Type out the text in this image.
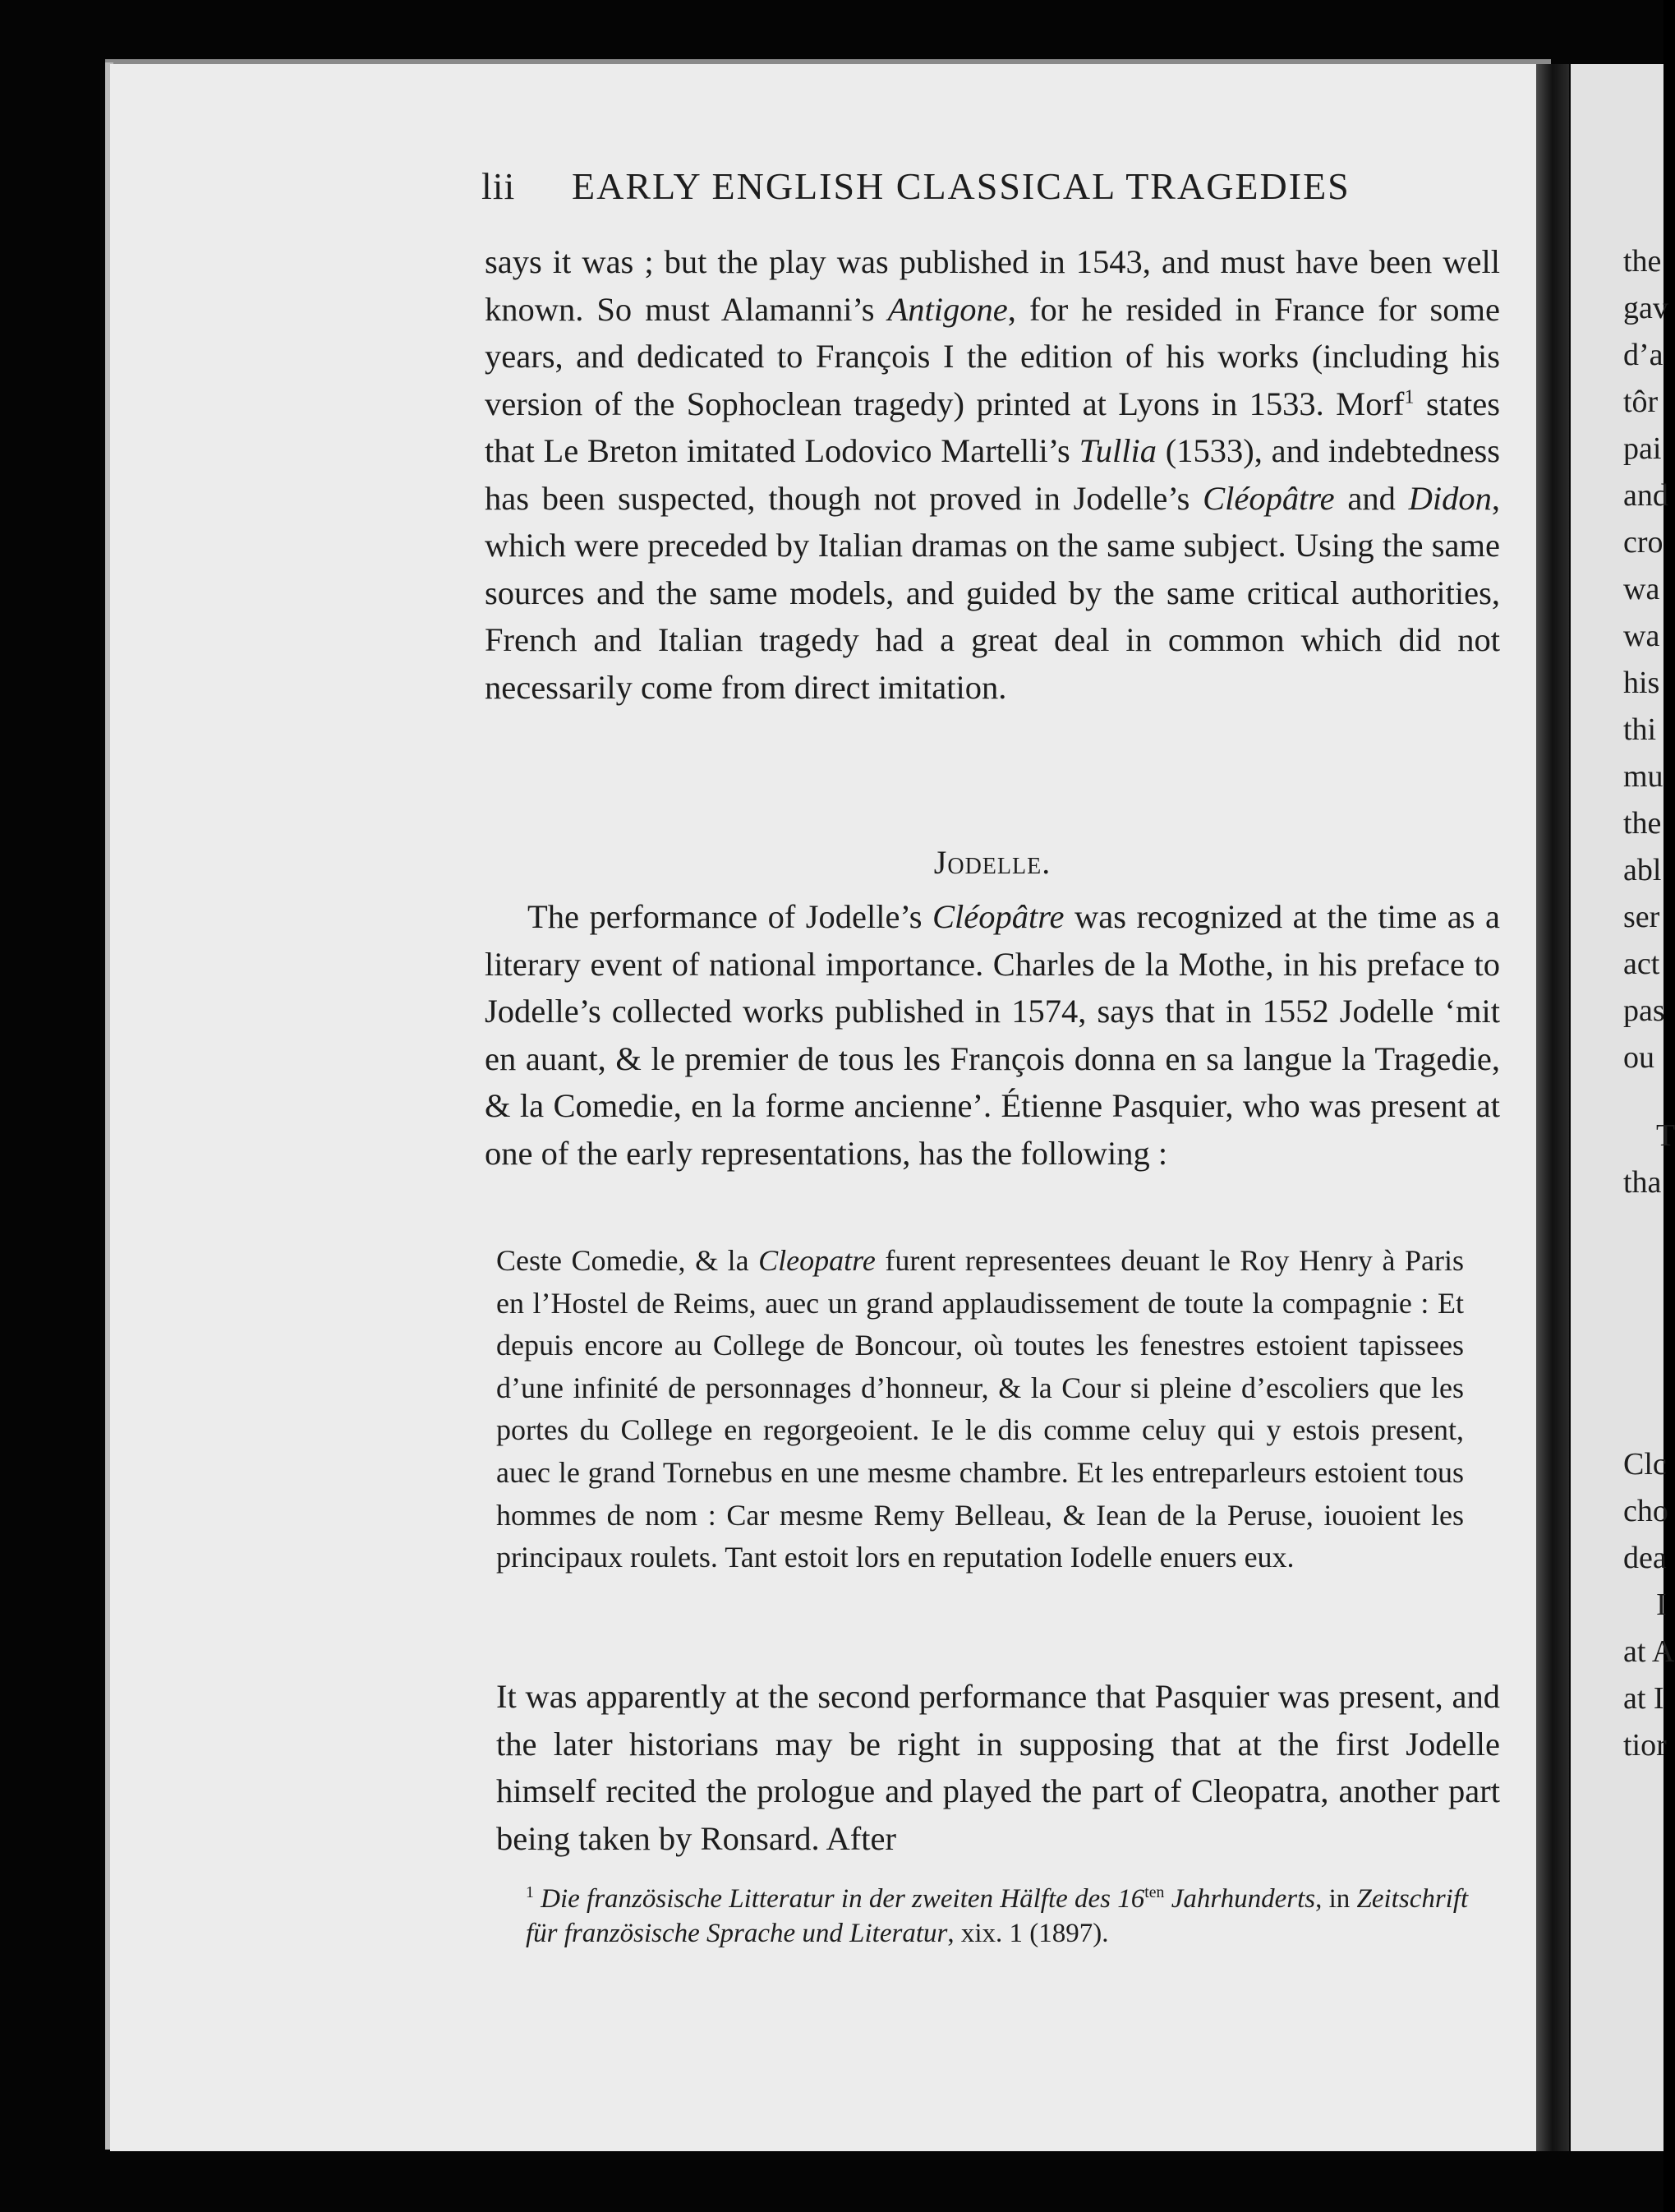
lii EARLY ENGLISH CLASSICAL TRAGEDIES

says it was ; but the play was published in 1543, and must have been well known. So must Alamanni’s Antigone, for he resided in France for some years, and dedicated to François I the edition of his works (including his version of the Sophoclean tragedy) printed at Lyons in 1533. Morf$^1$ states that Le Breton imitated Lodovico Martelli’s Tullia (1533), and indebtedness has been suspected, though not proved in Jodelle’s Cléopâtre and Didon, which were preceded by Italian dramas on the same subject. Using the same sources and the same models, and guided by the same critical authorities, French and Italian tragedy had a great deal in common which did not necessarily come from direct imitation.

Jodelle.

The performance of Jodelle’s Cléopâtre was recognized at the time as a literary event of national importance. Charles de la Mothe, in his preface to Jodelle’s collected works published in 1574, says that in 1552 Jodelle ‘mit en auant, & le premier de tous les François donna en sa langue la Tragedie, & la Comedie, en la forme ancienne’. Étienne Pasquier, who was present at one of the early representations, has the following :

Ceste Comedie, & la Cleopatre furent representees deuant le Roy Henry à Paris en l’Hostel de Reims, auec un grand applaudissement de toute la compagnie : Et depuis encore au College de Boncour, où toutes les fenestres estoient tapissees d’une infinité de personnages d’honneur, & la Cour si pleine d’escoliers que les portes du College en regorgeoient. Ie le dis comme celuy qui y estois present, auec le grand Tornebus en une mesme chambre. Et les entreparleurs estoient tous hommes de nom : Car mesme Remy Belleau, & Iean de la Peruse, iouoient les principaux roulets. Tant estoit lors en reputation Iodelle enuers eux.

It was apparently at the second performance that Pasquier was present, and the later historians may be right in supposing that at the first Jodelle himself recited the prologue and played the part of Cleopatra, another part being taken by Ronsard. After

$^1$ Die französische Litteratur in der zweiten Hälfte des $16^{ten}$ Jahrhunderts, in Zeitschrift für französische Sprache und Literatur, xix. 1 (1897).
the
gav
d’a
tôr
pai
and
cro
wa
wa
his
thi
mu
the
abl
ser
act
pas
ou
T
tha
Clc
cho
dea
I
at A
at I
tior
